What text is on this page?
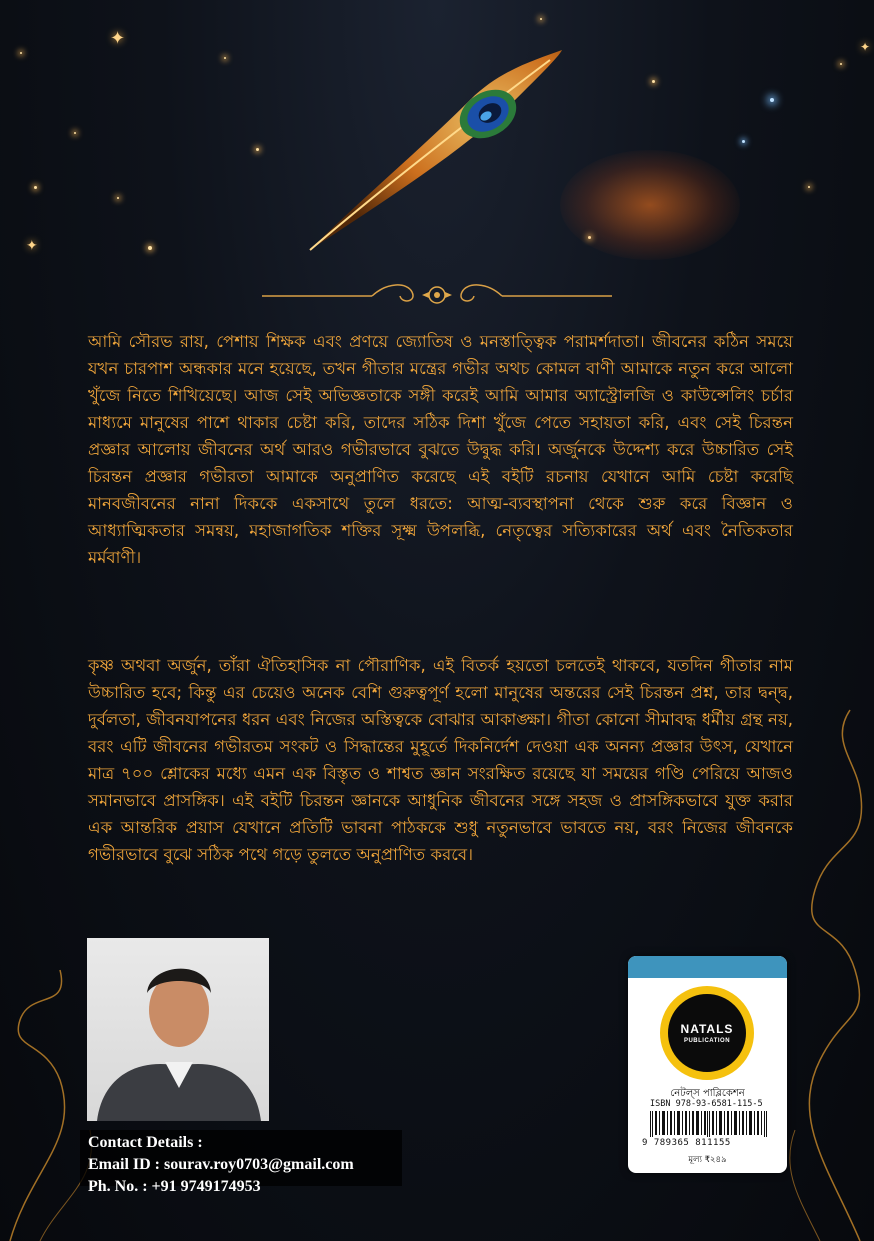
✦
✦
✦

আমি সৌরভ রায়, পেশায় শিক্ষক এবং প্রণয়ে জ্যোতিষ ও মনস্তাত্ত্বিক পরামর্শদাতা। জীবনের কঠিন সময়ে যখন চারপাশ অন্ধকার মনে হয়েছে, তখন গীতার মন্ত্রের গভীর অথচ কোমল বাণী আমাকে নতুন করে আলো খুঁজে নিতে শিখিয়েছে। আজ সেই অভিজ্ঞতাকে সঙ্গী করেই আমি আমার অ্যাস্ট্রোলজি ও কাউন্সেলিং চর্চার মাধ্যমে মানুষের পাশে থাকার চেষ্টা করি, তাদের সঠিক দিশা খুঁজে পেতে সহায়তা করি, এবং সেই চিরন্তন প্রজ্ঞার আলোয় জীবনের অর্থ আরও গভীরভাবে বুঝতে উদ্বুদ্ধ করি। অর্জুনকে উদ্দেশ্য করে উচ্চারিত সেই চিরন্তন প্রজ্ঞার গভীরতা আমাকে অনুপ্রাণিত করেছে এই বইটি রচনায় যেখানে আমি চেষ্টা করেছি মানবজীবনের নানা দিককে একসাথে তুলে ধরতে: আত্ম-ব্যবস্থাপনা থেকে শুরু করে বিজ্ঞান ও আধ্যাত্মিকতার সমন্বয়, মহাজাগতিক শক্তির সূক্ষ্ম উপলব্ধি, নেতৃত্বের সত্যিকারের অর্থ এবং নৈতিকতার মর্মবাণী।

কৃষ্ণ অথবা অর্জুন, তাঁরা ঐতিহাসিক না পৌরাণিক, এই বিতর্ক হয়তো চলতেই থাকবে, যতদিন গীতার নাম উচ্চারিত হবে; কিন্তু এর চেয়েও অনেক বেশি গুরুত্বপূর্ণ হলো মানুষের অন্তরের সেই চিরন্তন প্রশ্ন, তার দ্বন্দ্ব, দুর্বলতা, জীবনযাপনের ধরন এবং নিজের অস্তিত্বকে বোঝার আকাঙ্ক্ষা। গীতা কোনো সীমাবদ্ধ ধর্মীয় গ্রন্থ নয়, বরং এটি জীবনের গভীরতম সংকট ও সিদ্ধান্তের মুহূর্তে দিকনির্দেশ দেওয়া এক অনন্য প্রজ্ঞার উৎস, যেখানে মাত্র ৭০০ শ্লোকের মধ্যে এমন এক বিস্তৃত ও শাশ্বত জ্ঞান সংরক্ষিত রয়েছে যা সময়ের গণ্ডি পেরিয়ে আজও সমানভাবে প্রাসঙ্গিক। এই বইটি চিরন্তন জ্ঞানকে আধুনিক জীবনের সঙ্গে সহজ ও প্রাসঙ্গিকভাবে যুক্ত করার এক আন্তরিক প্রয়াস যেখানে প্রতিটি ভাবনা পাঠককে শুধু নতুনভাবে ভাবতে নয়, বরং নিজের জীবনকে গভীরভাবে বুঝে সঠিক পথে গড়ে তুলতে অনুপ্রাণিত করবে।

Contact Details :
Email ID : sourav.roy0703@gmail.com
Ph. No. : +91 9749174953
NATALS
PUBLICATION
নেটল্স পাব্লিকেশন
ISBN 978-93-6581-115-5
9 789365 811155
মূল্য ₹২৪৯
